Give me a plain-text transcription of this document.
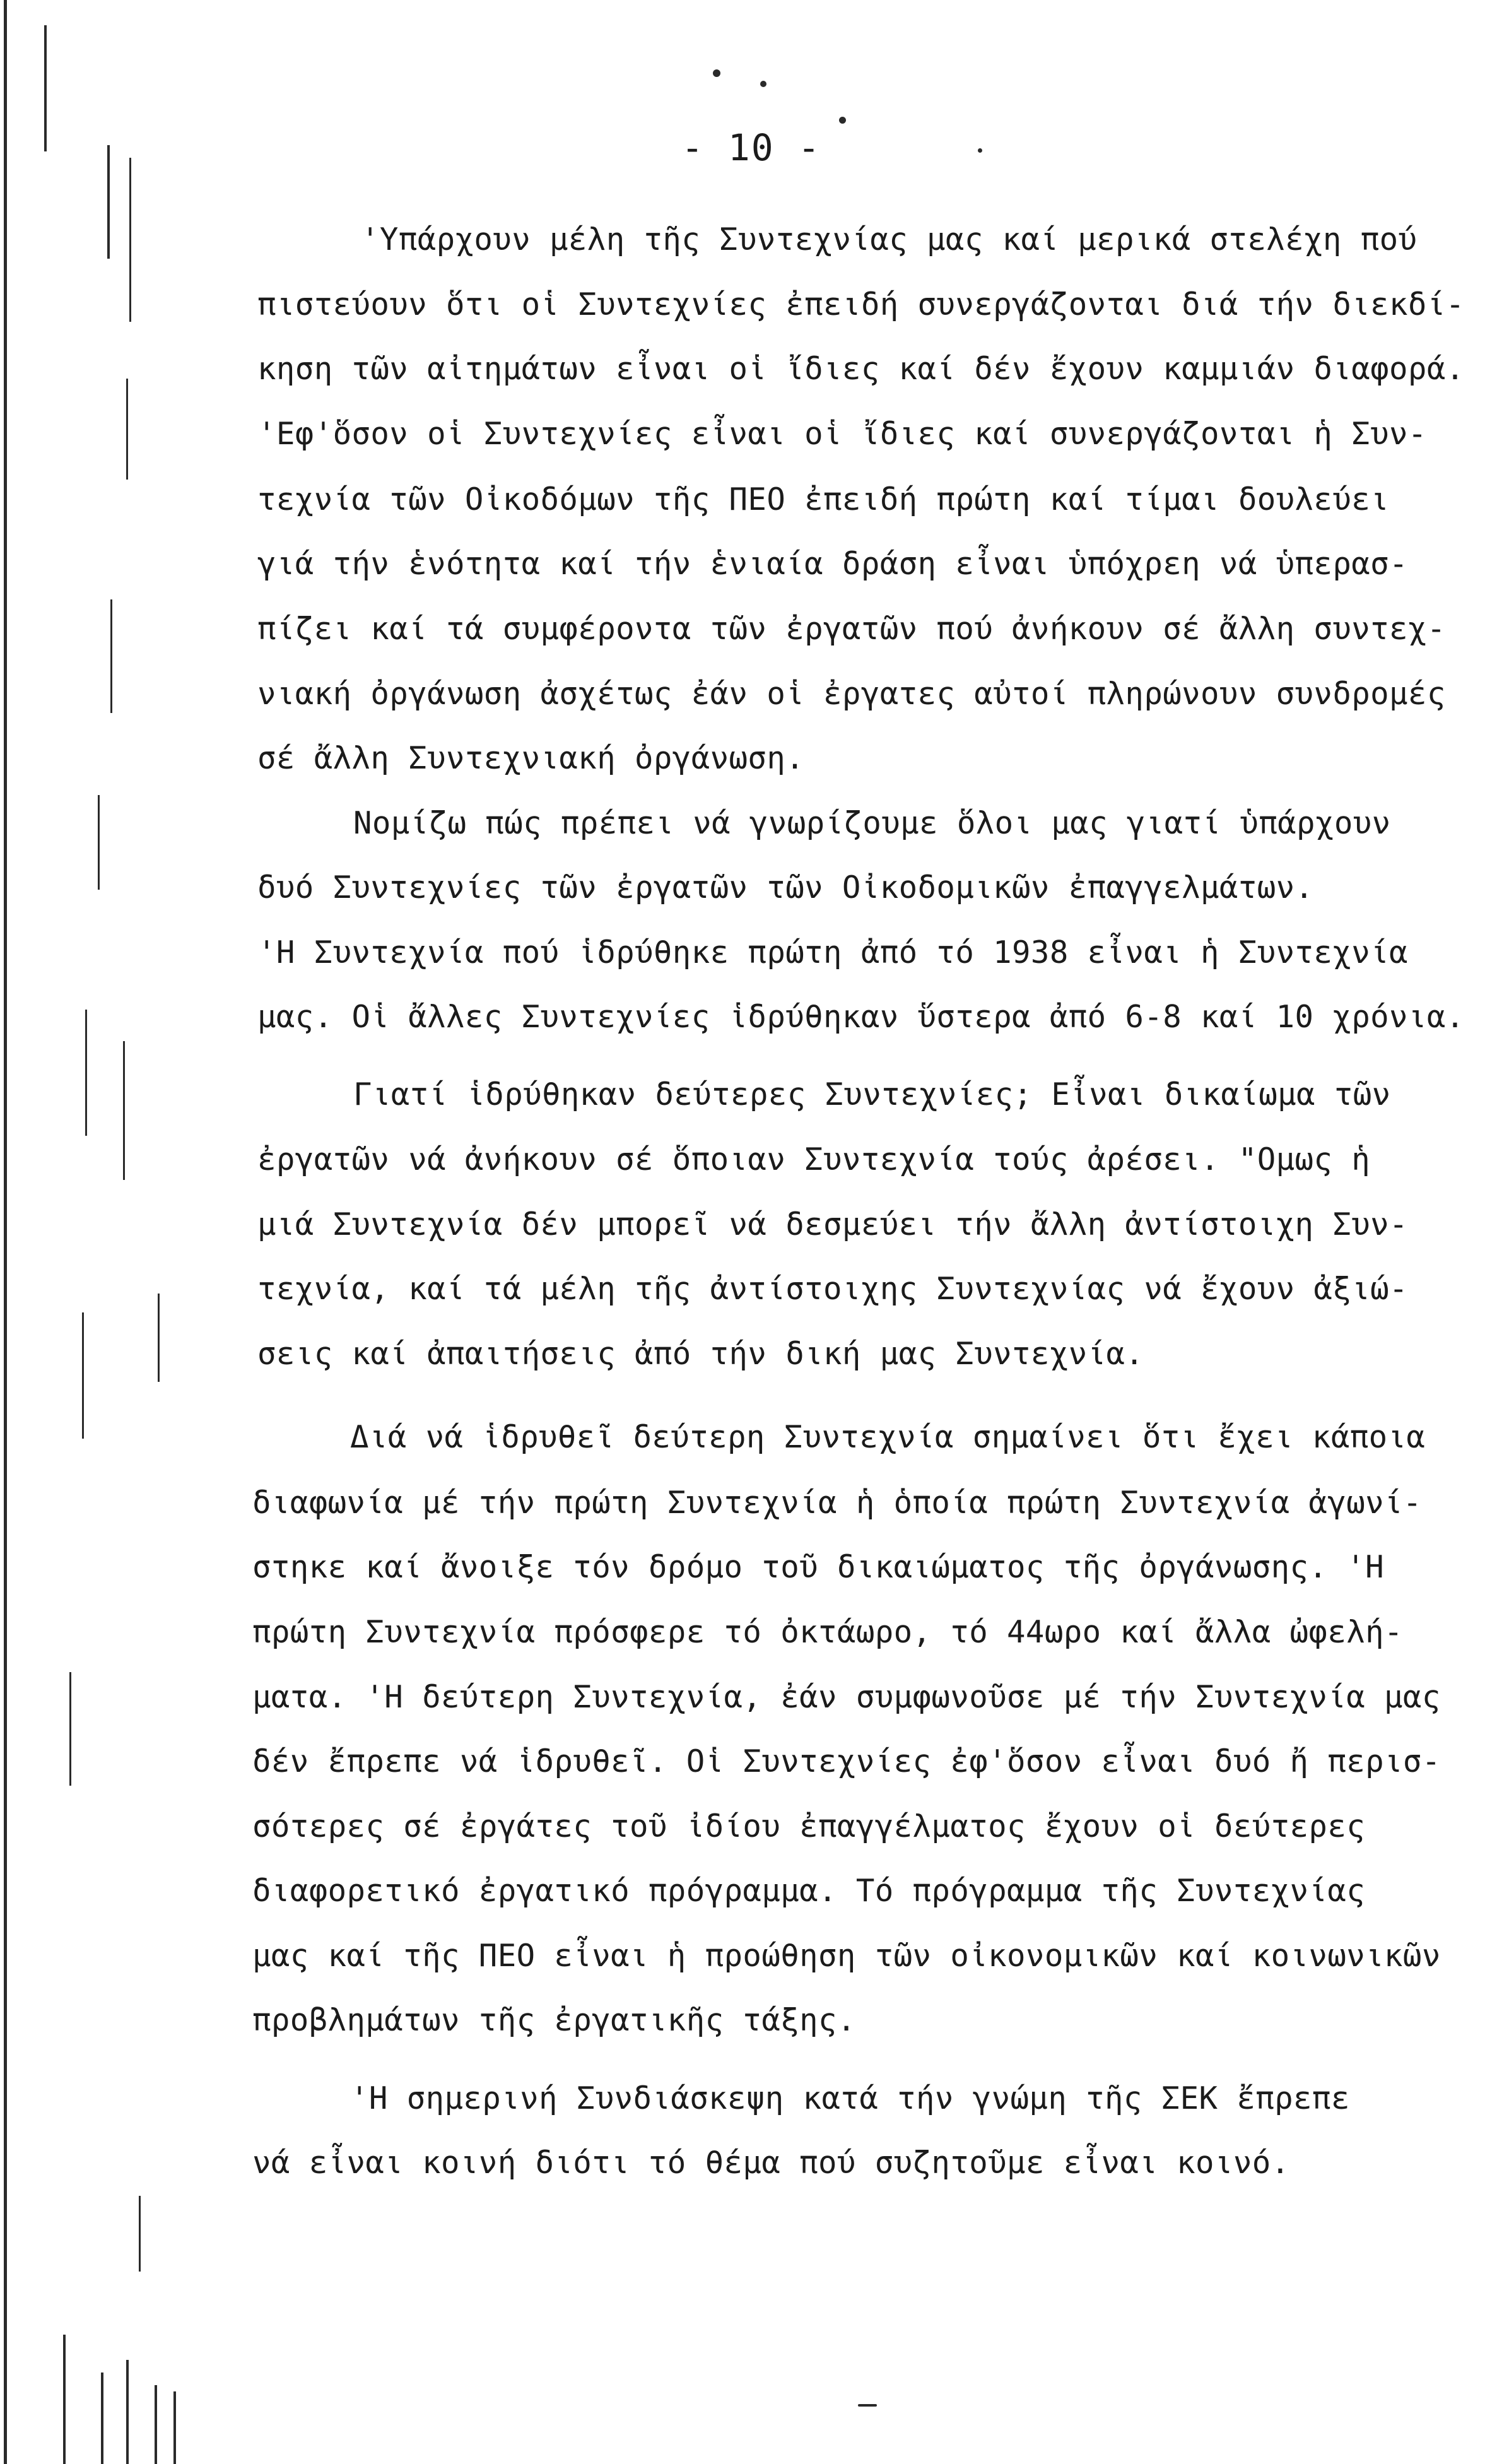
- 10 -
'Υπάρχουν μέλη τῆς Συντεχνίας μας καί μερικά στελέχη πού
πιστεύουν ὅτι οἱ Συντεχνίες ἐπειδή συνεργάζονται διά τήν διεκδί-
κηση τῶν αἰτημάτων εἶναι οἱ ἴδιες καί δέν ἔχουν καμμιάν διαφορά.
'Εφ'ὅσον οἱ Συντεχνίες εἶναι οἱ ἴδιες καί συνεργάζονται ἡ Συν-
τεχνία τῶν Οἰκοδόμων τῆς ΠΕΟ ἐπειδή πρώτη καί τίμαι δουλεύει
γιά τήν ἑνότητα καί τήν ἑνιαία δράση εἶναι ὑπόχρεη νά ὑπερασ-
πίζει καί τά συμφέροντα τῶν ἐργατῶν πού ἀνήκουν σέ ἄλλη συντεχ-
νιακή ὀργάνωση ἀσχέτως ἐάν οἱ ἐργατες αὐτοί πληρώνουν συνδρομές
σέ ἄλλη Συντεχνιακή ὀργάνωση.
Νομίζω πώς πρέπει νά γνωρίζουμε ὅλοι μας γιατί ὑπάρχουν
δυό Συντεχνίες τῶν ἐργατῶν τῶν Οἰκοδομικῶν ἐπαγγελμάτων.
'Η Συντεχνία πού ἱδρύθηκε πρώτη ἀπό τό 1938 εἶναι ἡ Συντεχνία
μας. Οἱ ἄλλες Συντεχνίες ἱδρύθηκαν ὕστερα ἀπό 6-8 καί 10 χρόνια.
Γιατί ἱδρύθηκαν δεύτερες Συντεχνίες; Εἶναι δικαίωμα τῶν
ἐργατῶν νά ἀνήκουν σέ ὅποιαν Συντεχνία τούς ἀρέσει. "Ομως ἡ
μιά Συντεχνία δέν μπορεῖ νά δεσμεύει τήν ἄλλη ἀντίστοιχη Συν-
τεχνία, καί τά μέλη τῆς ἀντίστοιχης Συντεχνίας νά ἔχουν ἀξιώ-
σεις καί ἀπαιτήσεις ἀπό τήν δική μας Συντεχνία.
Διά νά ἱδρυθεῖ δεύτερη Συντεχνία σημαίνει ὅτι ἔχει κάποια
διαφωνία μέ τήν πρώτη Συντεχνία ἡ ὁποία πρώτη Συντεχνία ἀγωνί-
στηκε καί ἄνοιξε τόν δρόμο τοῦ δικαιώματος τῆς ὀργάνωσης. 'Η
πρώτη Συντεχνία πρόσφερε τό ὀκτάωρο, τό 44ωρο καί ἄλλα ὠφελή-
ματα. 'Η δεύτερη Συντεχνία, ἐάν συμφωνοῦσε μέ τήν Συντεχνία μας
δέν ἔπρεπε νά ἱδρυθεῖ. Οἱ Συντεχνίες ἐφ'ὅσον εἶναι δυό ἤ περισ-
σότερες σέ ἐργάτες τοῦ ἰδίου ἐπαγγέλματος ἔχουν οἱ δεύτερες
διαφορετικό ἐργατικό πρόγραμμα. Τό πρόγραμμα τῆς Συντεχνίας
μας καί τῆς ΠΕΟ εἶναι ἡ προώθηση τῶν οἰκονομικῶν καί κοινωνικῶν
προβλημάτων τῆς ἐργατικῆς τάξης.
'Η σημερινή Συνδιάσκεψη κατά τήν γνώμη τῆς ΣΕΚ ἔπρεπε
νά εἶναι κοινή διότι τό θέμα πού συζητοῦμε εἶναι κοινό.
